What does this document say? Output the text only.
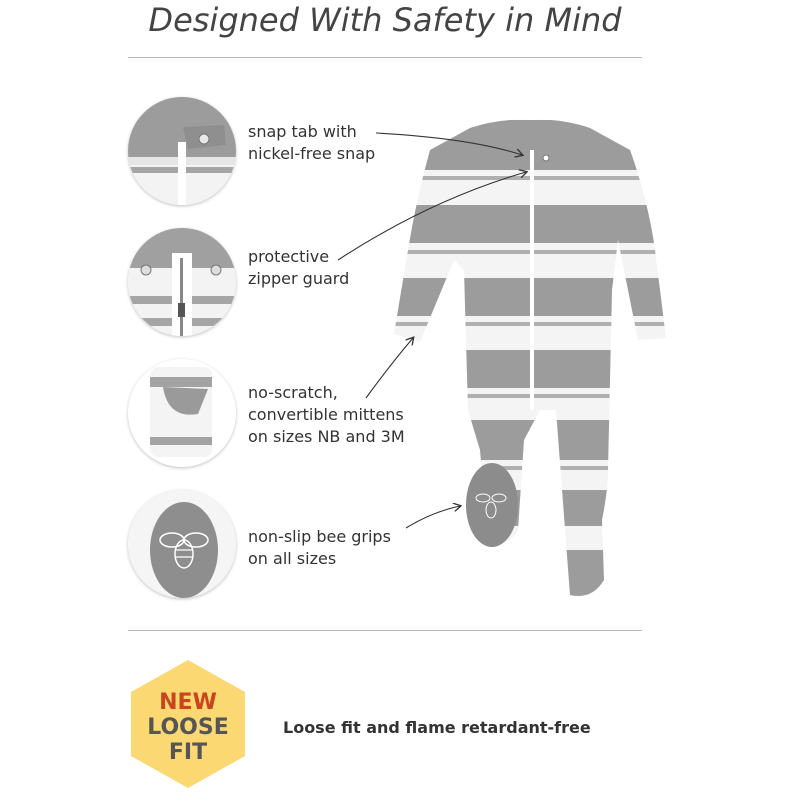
Designed With Safety in Mind
snap tab with
nickel-free snap
protective
zipper guard
no-scratch,
convertible mittens
on sizes NB and 3M
non-slip bee grips
on all sizes
NEW
LOOSE
FIT
Loose fit and flame retardant-free
